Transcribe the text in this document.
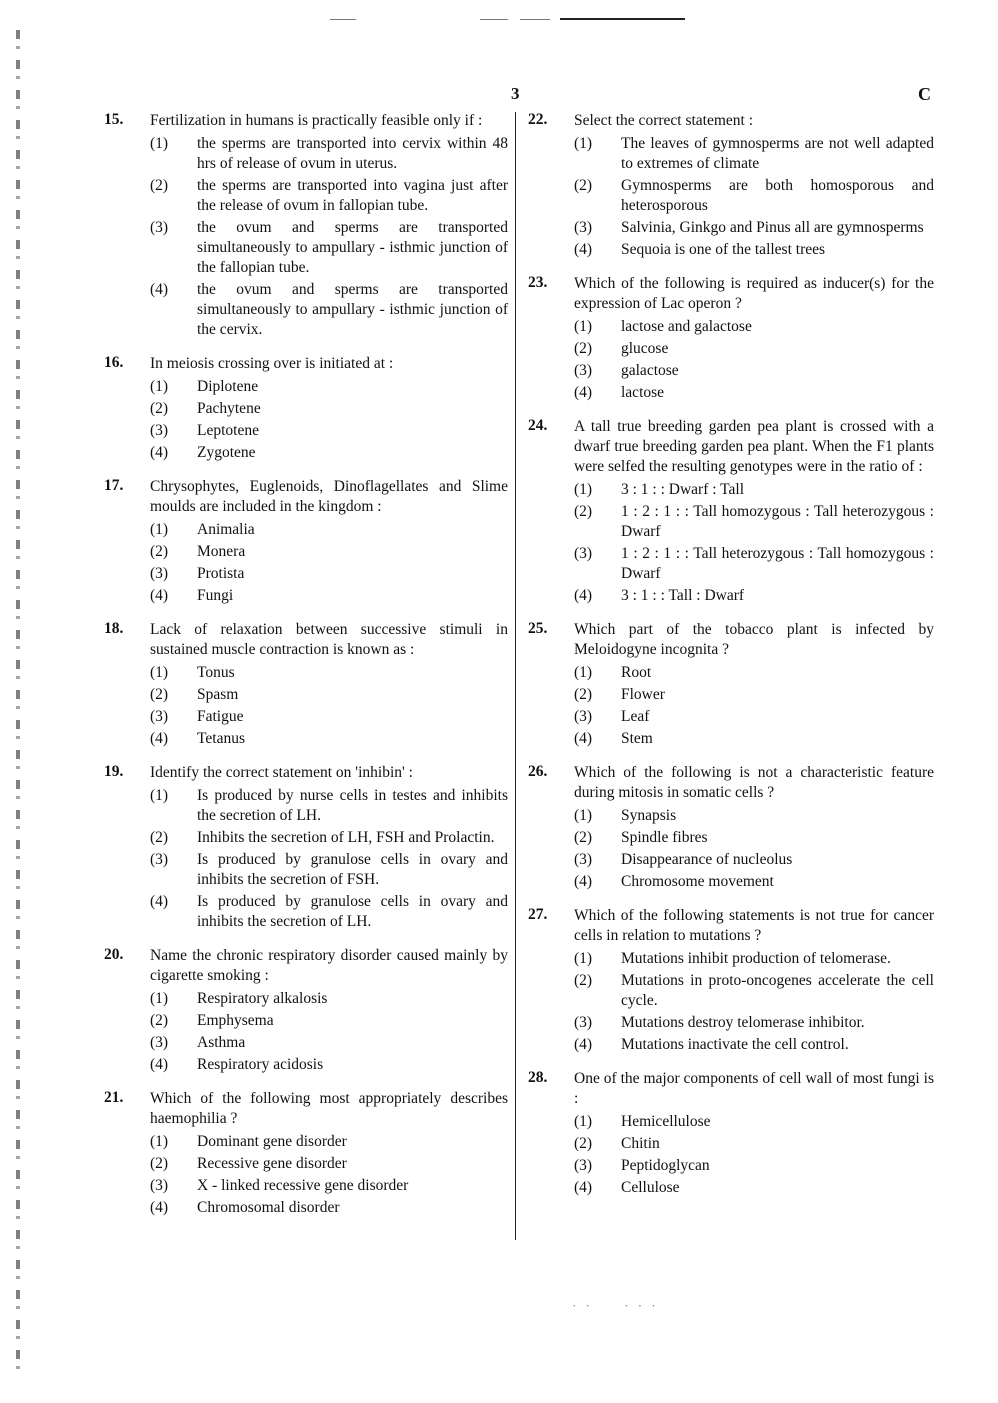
3	C
15. Fertilization in humans is practically feasible only if :
(1) the sperms are transported into cervix within 48 hrs of release of ovum in uterus.
(2) the sperms are transported into vagina just after the release of ovum in fallopian tube.
(3) the ovum and sperms are transported simultaneously to ampullary - isthmic junction of the fallopian tube.
(4) the ovum and sperms are transported simultaneously to ampullary - isthmic junction of the cervix.
16. In meiosis crossing over is initiated at :
(1) Diplotene
(2) Pachytene
(3) Leptotene
(4) Zygotene
17. Chrysophytes, Euglenoids, Dinoflagellates and Slime moulds are included in the kingdom :
(1) Animalia
(2) Monera
(3) Protista
(4) Fungi
18. Lack of relaxation between successive stimuli in sustained muscle contraction is known as :
(1) Tonus
(2) Spasm
(3) Fatigue
(4) Tetanus
19. Identify the correct statement on 'inhibin' :
(1) Is produced by nurse cells in testes and inhibits the secretion of LH.
(2) Inhibits the secretion of LH, FSH and Prolactin.
(3) Is produced by granulose cells in ovary and inhibits the secretion of FSH.
(4) Is produced by granulose cells in ovary and inhibits the secretion of LH.
20. Name the chronic respiratory disorder caused mainly by cigarette smoking :
(1) Respiratory alkalosis
(2) Emphysema
(3) Asthma
(4) Respiratory acidosis
21. Which of the following most appropriately describes haemophilia ?
(1) Dominant gene disorder
(2) Recessive gene disorder
(3) X - linked recessive gene disorder
(4) Chromosomal disorder
22. Select the correct statement :
(1) The leaves of gymnosperms are not well adapted to extremes of climate
(2) Gymnosperms are both homosporous and heterosporous
(3) Salvinia, Ginkgo and Pinus all are gymnosperms
(4) Sequoia is one of the tallest trees
23. Which of the following is required as inducer(s) for the expression of Lac operon ?
(1) lactose and galactose
(2) glucose
(3) galactose
(4) lactose
24. A tall true breeding garden pea plant is crossed with a dwarf true breeding garden pea plant. When the F1 plants were selfed the resulting genotypes were in the ratio of :
(1) 3 : 1 : : Dwarf : Tall
(2) 1 : 2 : 1 : : Tall homozygous : Tall heterozygous : Dwarf
(3) 1 : 2 : 1 : : Tall heterozygous : Tall homozygous : Dwarf
(4) 3 : 1 : : Tall : Dwarf
25. Which part of the tobacco plant is infected by Meloidogyne incognita ?
(1) Root
(2) Flower
(3) Leaf
(4) Stem
26. Which of the following is not a characteristic feature during mitosis in somatic cells ?
(1) Synapsis
(2) Spindle fibres
(3) Disappearance of nucleolus
(4) Chromosome movement
27. Which of the following statements is not true for cancer cells in relation to mutations ?
(1) Mutations inhibit production of telomerase.
(2) Mutations in proto-oncogenes accelerate the cell cycle.
(3) Mutations destroy telomerase inhibitor.
(4) Mutations inactivate the cell control.
28. One of the major components of cell wall of most fungi is :
(1) Hemicellulose
(2) Chitin
(3) Peptidoglycan
(4) Cellulose
· ·     · · ·
